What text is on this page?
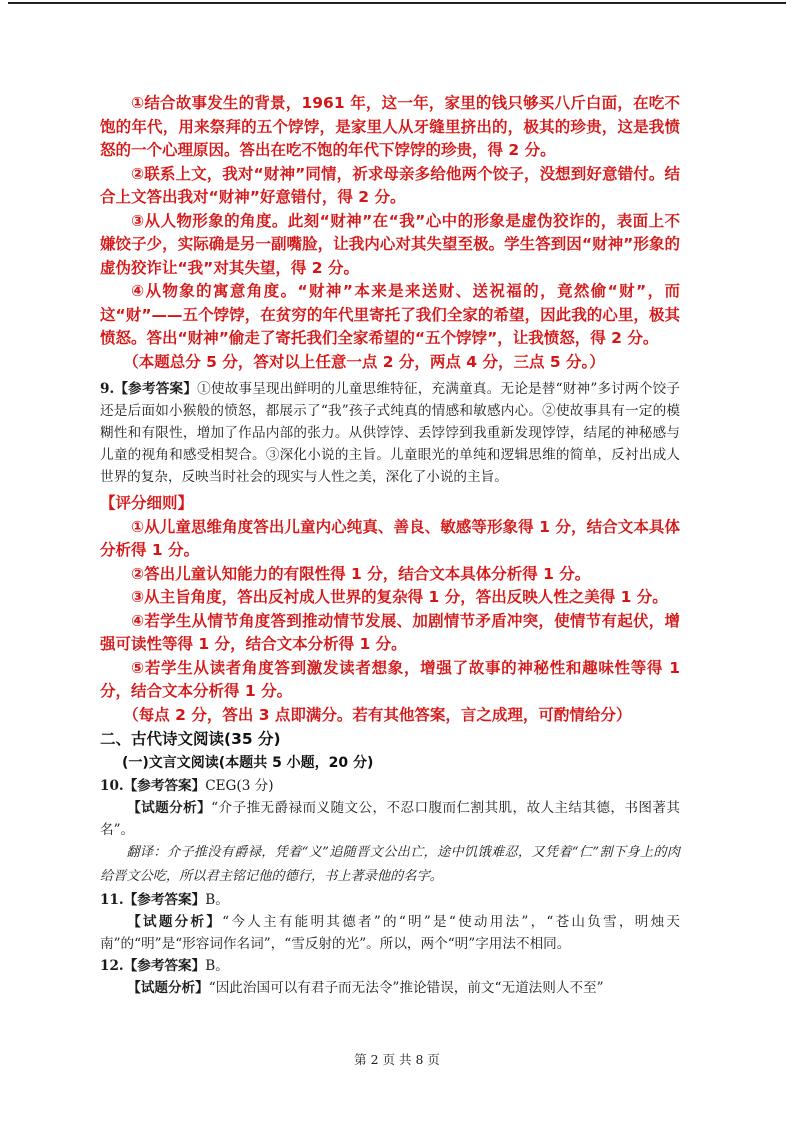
①结合故事发生的背景，1961 年，这一年，家里的钱只够买八斤白面，在吃不饱的年代，用来祭拜的五个饽饽，是家里人从牙缝里挤出的，极其的珍贵，这是我愤怒的一个心理原因。答出在吃不饱的年代下饽饽的珍贵，得 2 分。

②联系上文，我对“财神”同情，祈求母亲多给他两个饺子，没想到好意错付。结合上文答出我对“财神”好意错付，得 2 分。

③从人物形象的角度。此刻“财神”在“我”心中的形象是虚伪狡诈的，表面上不嫌饺子少，实际确是另一副嘴脸，让我内心对其失望至极。学生答到因“财神”形象的虚伪狡诈让“我”对其失望，得 2 分。

④从物象的寓意角度。“财神”本来是来送财、送祝福的，竟然偷“财”，而这“财”——五个饽饽，在贫穷的年代里寄托了我们全家的希望，因此我的心里，极其愤怒。答出“财神”偷走了寄托我们全家希望的“五个饽饽”，让我愤怒，得 2 分。

（本题总分 5 分，答对以上任意一点 2 分，两点 4 分，三点 5 分。）

9.【参考答案】①使故事呈现出鲜明的儿童思维特征，充满童真。无论是替“财神”多讨两个饺子还是后面如小猴般的愤怒，都展示了“我”孩子式纯真的情感和敏感内心。②使故事具有一定的模糊性和有限性，增加了作品内部的张力。从供饽饽、丢饽饽到我重新发现饽饽，结尾的神秘感与儿童的视角和感受相契合。③深化小说的主旨。儿童眼光的单纯和逻辑思维的简单，反衬出成人世界的复杂，反映当时社会的现实与人性之美，深化了小说的主旨。

【评分细则】

①从儿童思维角度答出儿童内心纯真、善良、敏感等形象得 1 分，结合文本具体分析得 1 分。

②答出儿童认知能力的有限性得 1 分，结合文本具体分析得 1 分。

③从主旨角度，答出反衬成人世界的复杂得 1 分，答出反映人性之美得 1 分。

④若学生从情节角度答到推动情节发展、加剧情节矛盾冲突，使情节有起伏，增强可读性等得 1 分，结合文本分析得 1 分。

⑤若学生从读者角度答到激发读者想象，增强了故事的神秘性和趣味性等得 1 分，结合文本分析得 1 分。

（每点 2 分，答出 3 点即满分。若有其他答案，言之成理，可酌情给分）

二、古代诗文阅读(35 分)

(一)文言文阅读(本题共 5 小题，20 分)

10.【参考答案】CEG(3 分)

【试题分析】“介子推无爵禄而义随文公，不忍口腹而仁割其肌，故人主结其德，书图著其名”。

翻译：介子推没有爵禄，凭着“义”追随晋文公出亡，途中饥饿难忍，又凭着“仁”割下身上的肉给晋文公吃，所以君主铭记他的德行，书上著录他的名字。

11.【参考答案】B。

【试题分析】“今人主有能明其德者”的“明”是“使动用法”，“苍山负雪，明烛天南”的“明”是“形容词作名词”，“雪反射的光”。所以，两个“明”字用法不相同。

12.【参考答案】B。

【试题分析】“因此治国可以有君子而无法令”推论错误，前文“无道法则人不至”

第 2 页 共 8 页
